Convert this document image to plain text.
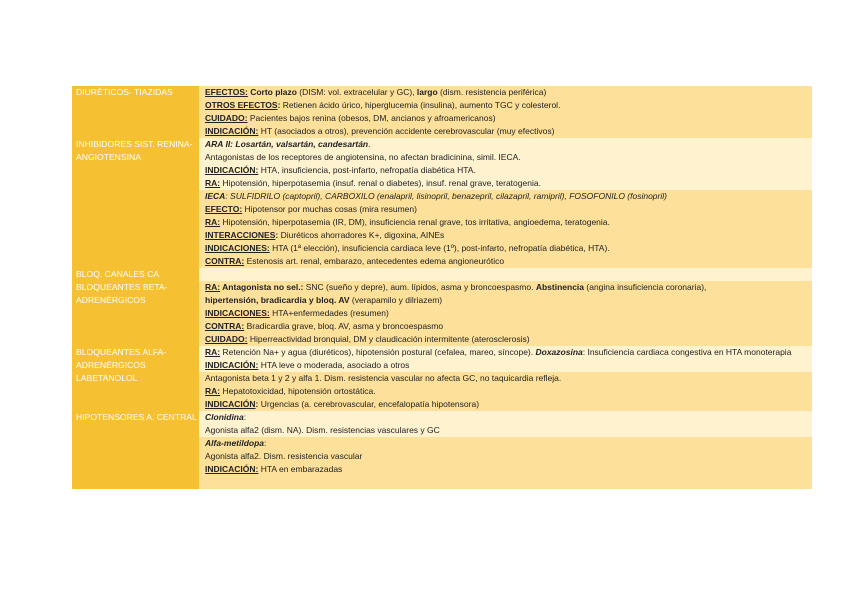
DIURÉTICOS- TIAZIDAS	EFECTOS: Corto plazo (DISM: vol. extracelular y GC), largo (dism. resistencia periférica)
OTROS EFECTOS: Retienen ácido úrico, hiperglucemia (insulina), aumento TGC y colesterol.
CUIDADO: Pacientes bajos renina (obesos, DM, ancianos y afroamericanos)
INDICACIÓN: HT (asociados a otros), prevención accidente cerebrovascular (muy efectivos)
INHIBIDORES SIST. RENINA-ANGIOTENSINA
ARA II: Losartán, valsartán, candesartán.
Antagonistas de los receptores de angiotensina, no afectan bradicinina, simil. IECA.
INDICACIÓN: HTA, insuficiencia, post-infarto, nefropatía diabética HTA.
RA: Hipotensión, hiperpotasemia (insuf. renal o diabetes), insuf. renal grave, teratogenia.
IECA: SULFIDRILO (captopril), CARBOXILO (enalapril, lisinopril, benazepril, cilazapril, ramipril), FOSOFONILO (fosinopril)
EFECTO: Hipotensor por muchas cosas (mira resumen)
RA: Hipotensión, hiperpotasemia (IR, DM), insuficiencia renal grave, tos irritativa, angioedema, teratogenia.
INTERACCIONES: Diuréticos ahorradores K+, digoxina, AINEs
INDICACIONES: HTA (1ª elección), insuficiencia cardiaca leve (1º), post-infarto, nefropatía diabética, HTA).
CONTRA: Estenosis art. renal, embarazo, antecedentes edema angioneurótico
BLOQ. CANALES CA

BLOQUEANTES BETA-ADRENÉRGICOS
RA: Antagonista no sel.: SNC (sueño y depre), aum. lípidos, asma y broncoespasmo. Abstinencia (angina insuficiencia coronaria),
hipertensión, bradicardia y bloq. AV (verapamilo y dilriazem)
INDICACIONES: HTA+enfermedades (resumen)
CONTRA: Bradicardia grave, bloq. AV, asma y broncoespasmo
CUIDADO: Hiperreactividad bronquial, DM y claudicación intermitente (aterosclerosis)
BLOQUEANTES ALFA-ADRENÉRGICOS
RA: Retención Na+ y agua (diuréticos), hipotensión postural (cefalea, mareo, síncope). Doxazosina: Insuficiencia cardiaca congestiva en HTA monoterapia
INDICACIÓN: HTA leve o moderada, asociado a otros
LABETANOLOL	Antagonista beta 1 y 2 y alfa 1. Dism. resistencia vascular no afecta GC, no taquicardia refleja.
RA: Hepatotoxicidad, hipotensión ortostática.
INDICACIÓN: Urgencias (a. cerebrovascular, encefalopatía hipotensora)
HIPOTENSORES A. CENTRAL Clonidina:
Agonista alfa2 (dism. NA). Dism. resistencias vasculares y GC
Alfa-metildopa:
Agonista alfa2. Dism. resistencia vascular
INDICACIÓN: HTA en embarazadas
